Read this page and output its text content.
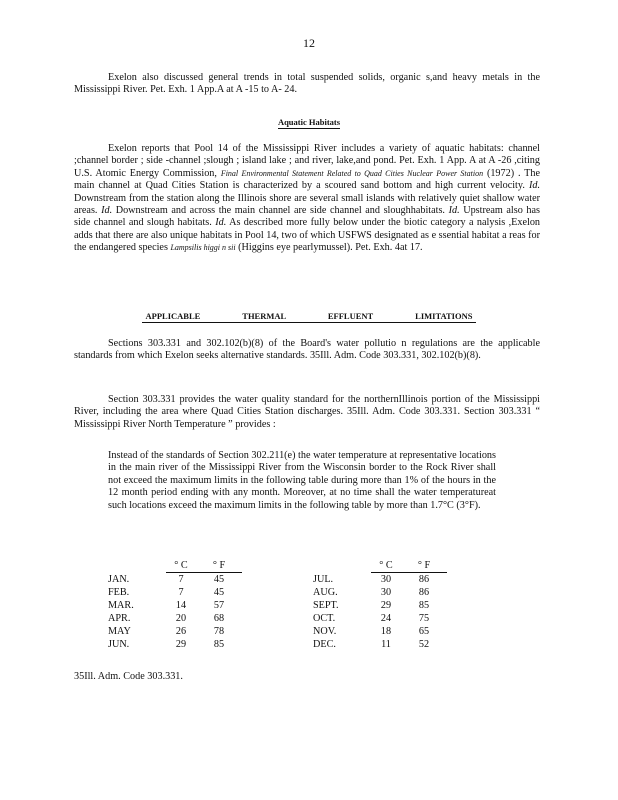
12

Exelon also discussed general trends in total suspended solids, organic s,and heavy metals in the Mississippi River. Pet. Exh. 1 App.A at A -15 to A- 24.

Aquatic Habitats

Exelon reports that Pool 14 of the Mississippi River includes a variety of aquatic habitats: channel ;channel border ; side -channel ;slough ; island lake ; and river, lake,and pond. Pet. Exh. 1 App. A at A -26 ,citing U.S. Atomic Energy Commission, Final Environmental Statement Related to Quad Cities Nuclear Power Station (1972) . The main channel at Quad Cities Station is characterized by a scoured sand bottom and high current velocity. Id. Downstream from the station along the Illinois shore are several small islands with relatively quiet shallow water areas. Id. Downstream and across the main channel are side channel and sloughhabitats. Id. Upstream also has side channel and slough habitats. Id. As described more fully below under the biotic category a nalysis ,Exelon adds that there are also unique habitats in Pool 14, two of which USFWS designated as e ssential habitat a reas for the endangered species Lampsilis higgi n sii (Higgins eye pearlymussel). Pet. Exh. 4at 17.

APPLICABLE THERMAL EFFLUENT LIMITATIONS

Sections 303.331 and 302.102(b)(8) of the Board's water pollutio n regulations are the applicable standards from which Exelon seeks alternative standards. 35Ill. Adm. Code 303.331, 302.102(b)(8).

Section 303.331 provides the water quality standard for the northernIllinois portion of the Mississippi River, including the area where Quad Cities Station discharges. 35Ill. Adm. Code 303.331. Section 303.331 “ Mississippi River North Temperature ” provides :

Instead of the standards of Section 302.211(e) the water temperature at representative locations in the main river of the Mississippi River from the Wisconsin border to the Rock River shall not exceed the maximum limits in the following table during more than 1% of the hours in the 12 month period ending with any month. Moreover, at no time shall the water temperatureat such locations exceed the maximum limits in the following table by more than 1.7°C (3°F).

	° C	° F
JAN.	7	45
FEB.	7	45
MAR.	14	57
APR.	20	68
MAY	26	78
JUN.	29	85
	° C	° F
JUL.	30	86
AUG.	30	86
SEPT.	29	85
OCT.	24	75
NOV.	18	65
DEC.	11	52
35Ill. Adm. Code 303.331.
